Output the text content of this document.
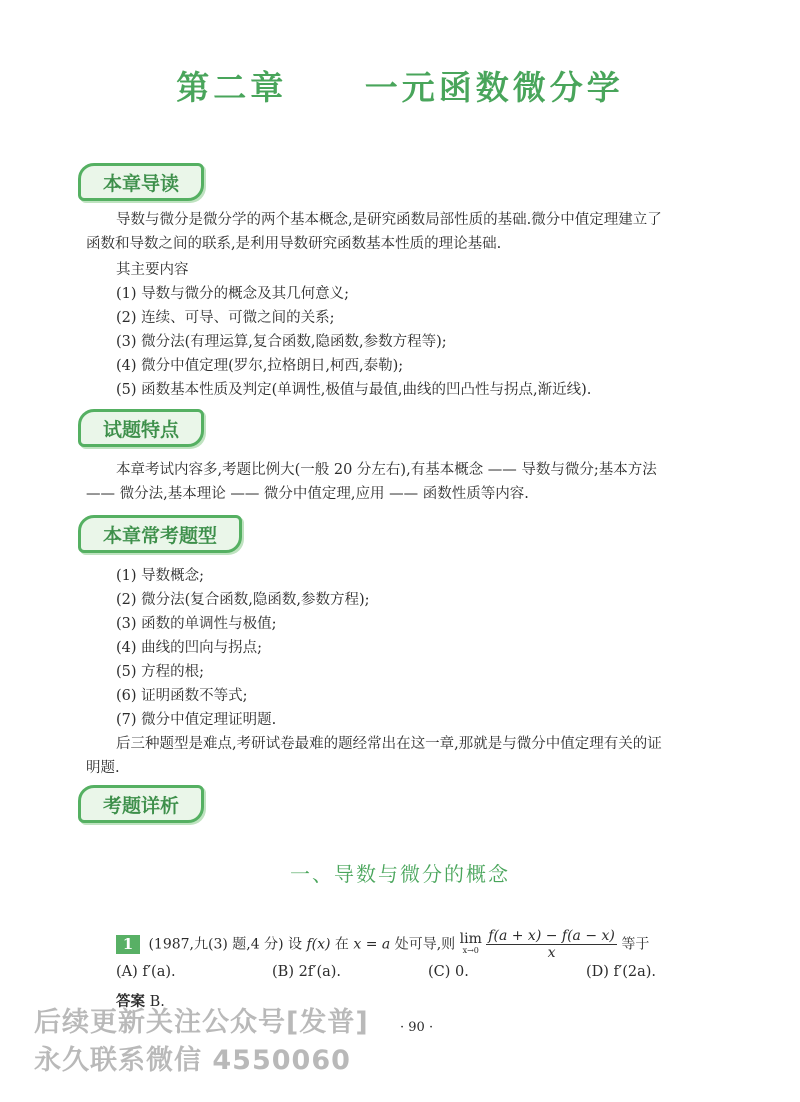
第二章     一元函数微分学
本章导读
导数与微分是微分学的两个基本概念,是研究函数局部性质的基础.微分中值定理建立了
函数和导数之间的联系,是利用导数研究函数基本性质的理论基础.
其主要内容
(1) 导数与微分的概念及其几何意义;
(2) 连续、可导、可微之间的关系;
(3) 微分法(有理运算,复合函数,隐函数,参数方程等);
(4) 微分中值定理(罗尔,拉格朗日,柯西,泰勒);
(5) 函数基本性质及判定(单调性,极值与最值,曲线的凹凸性与拐点,渐近线).
试题特点
本章考试内容多,考题比例大(一般 20 分左右),有基本概念 —— 导数与微分;基本方法
—— 微分法,基本理论 —— 微分中值定理,应用 —— 函数性质等内容.
本章常考题型
(1) 导数概念;
(2) 微分法(复合函数,隐函数,参数方程);
(3) 函数的单调性与极值;
(4) 曲线的凹向与拐点;
(5) 方程的根;
(6) 证明函数不等式;
(7) 微分中值定理证明题.
后三种题型是难点,考研试卷最难的题经常出在这一章,那就是与微分中值定理有关的证
明题.
考题详析
一、导数与微分的概念
1 (1987,九(3) 题,4 分) 设 f(x) 在 x = a 处可导,则 lim
x→0
$\frac{f(a + x) - f(a - x)}{x}$ 等于
(A) f′(a).	(B) 2f′(a).	(C) 0.	(D) f′(2a).
答案 B.
· 90 ·
后续更新关注公众号[发普]
永久联系微信 4550060
